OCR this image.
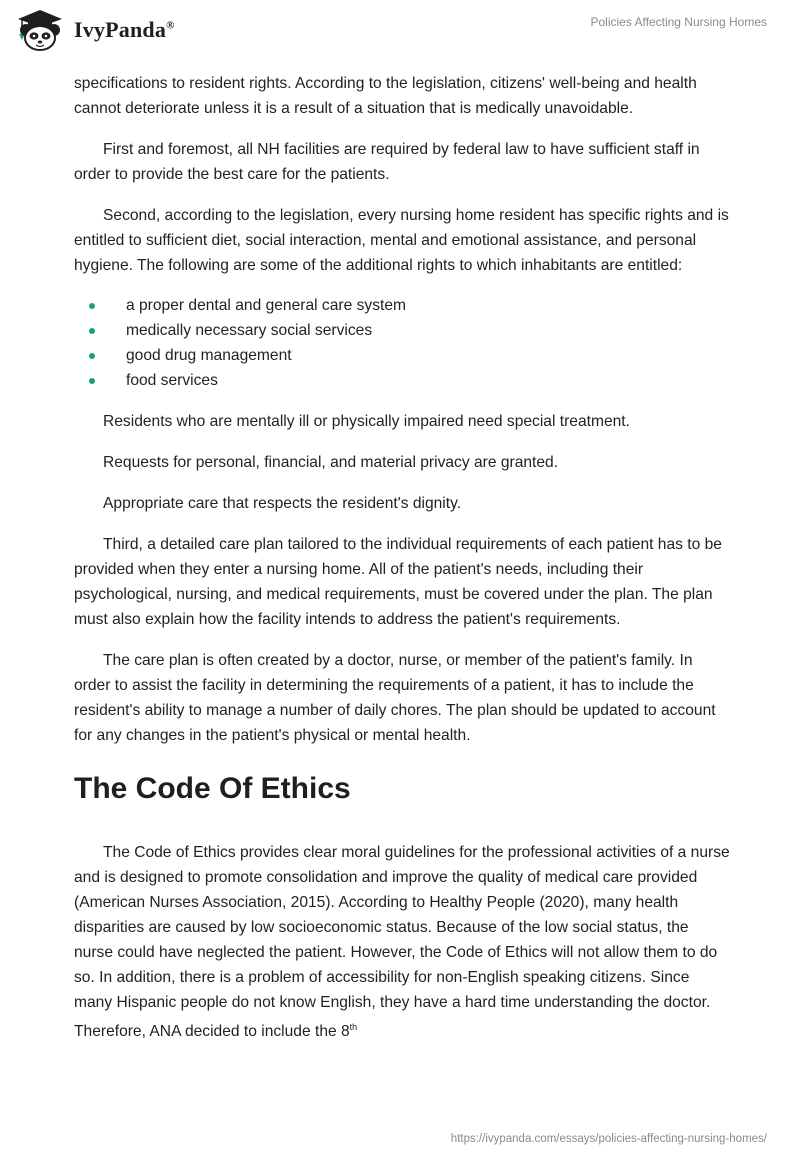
IvyPanda®	Policies Affecting Nursing Homes

specifications to resident rights. According to the legislation, citizens' well-being and health cannot deteriorate unless it is a result of a situation that is medically unavoidable.

First and foremost, all NH facilities are required by federal law to have sufficient staff in order to provide the best care for the patients.

Second, according to the legislation, every nursing home resident has specific rights and is entitled to sufficient diet, social interaction, mental and emotional assistance, and personal hygiene. The following are some of the additional rights to which inhabitants are entitled:

a proper dental and general care system
medically necessary social services
good drug management
food services

Residents who are mentally ill or physically impaired need special treatment.

Requests for personal, financial, and material privacy are granted.

Appropriate care that respects the resident's dignity.

Third, a detailed care plan tailored to the individual requirements of each patient has to be provided when they enter a nursing home. All of the patient's needs, including their psychological, nursing, and medical requirements, must be covered under the plan. The plan must also explain how the facility intends to address the patient's requirements.

The care plan is often created by a doctor, nurse, or member of the patient's family. In order to assist the facility in determining the requirements of a patient, it has to include the resident's ability to manage a number of daily chores. The plan should be updated to account for any changes in the patient's physical or mental health.

The Code Of Ethics

The Code of Ethics provides clear moral guidelines for the professional activities of a nurse and is designed to promote consolidation and improve the quality of medical care provided (American Nurses Association, 2015). According to Healthy People (2020), many health disparities are caused by low socioeconomic status. Because of the low social status, the nurse could have neglected the patient. However, the Code of Ethics will not allow them to do so. In addition, there is a problem of accessibility for non-English speaking citizens. Since many Hispanic people do not know English, they have a hard time understanding the doctor. Therefore, ANA decided to include the 8th

https://ivypanda.com/essays/policies-affecting-nursing-homes/
